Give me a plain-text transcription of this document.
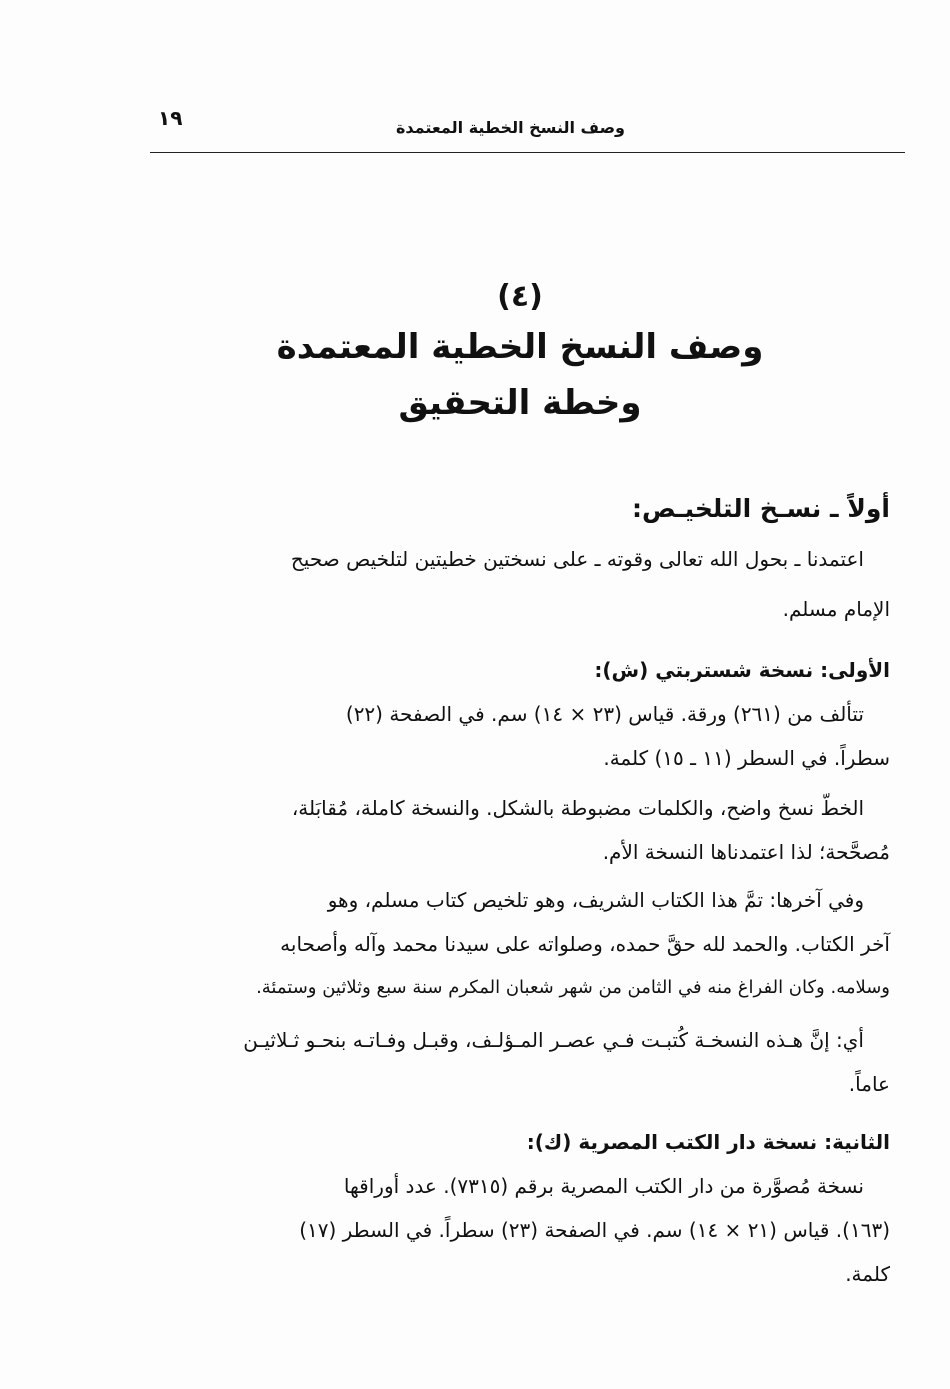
وصف النسخ الخطية المعتمدة
١٩
(٤)
وصف النسخ الخطية المعتمدة
وخطة التحقيق
أولاً ـ نسـخ التلخيـص:
اعتمدنا ـ بحول الله تعالى وقوته ـ على نسختين خطيتين لتلخيص صحيح
الإمام مسلم.
الأولى: نسخة شستربتي (ش):
تتألف من (٢٦١) ورقة. قياس (٢٣ × ١٤) سم. في الصفحة (٢٢)
سطراً. في السطر (١١ ـ ١٥) كلمة.
الخطّ نسخ واضح، والكلمات مضبوطة بالشكل. والنسخة كاملة، مُقابَلة،
مُصحَّحة؛ لذا اعتمدناها النسخة الأم.
وفي آخرها: تمَّ هذا الكتاب الشريف، وهو تلخيص كتاب مسلم، وهو
آخر الكتاب. والحمد لله حقَّ حمده، وصلواته على سيدنا محمد وآله وأصحابه
وسلامه. وكان الفراغ منه في الثامن من شهر شعبان المكرم سنة سبع وثلاثين وستمئة.
أي: إنَّ هـذه النسخـة كُتبـت فـي عصـر المـؤلـف، وقبـل وفـاتـه بنحـو ثـلاثيـن
عاماً.
الثانية: نسخة دار الكتب المصرية (ك):
نسخة مُصوَّرة من دار الكتب المصرية برقم (٧٣١٥). عدد أوراقها
(١٦٣). قياس (٢١ × ١٤) سم. في الصفحة (٢٣) سطراً. في السطر (١٧)
كلمة.
